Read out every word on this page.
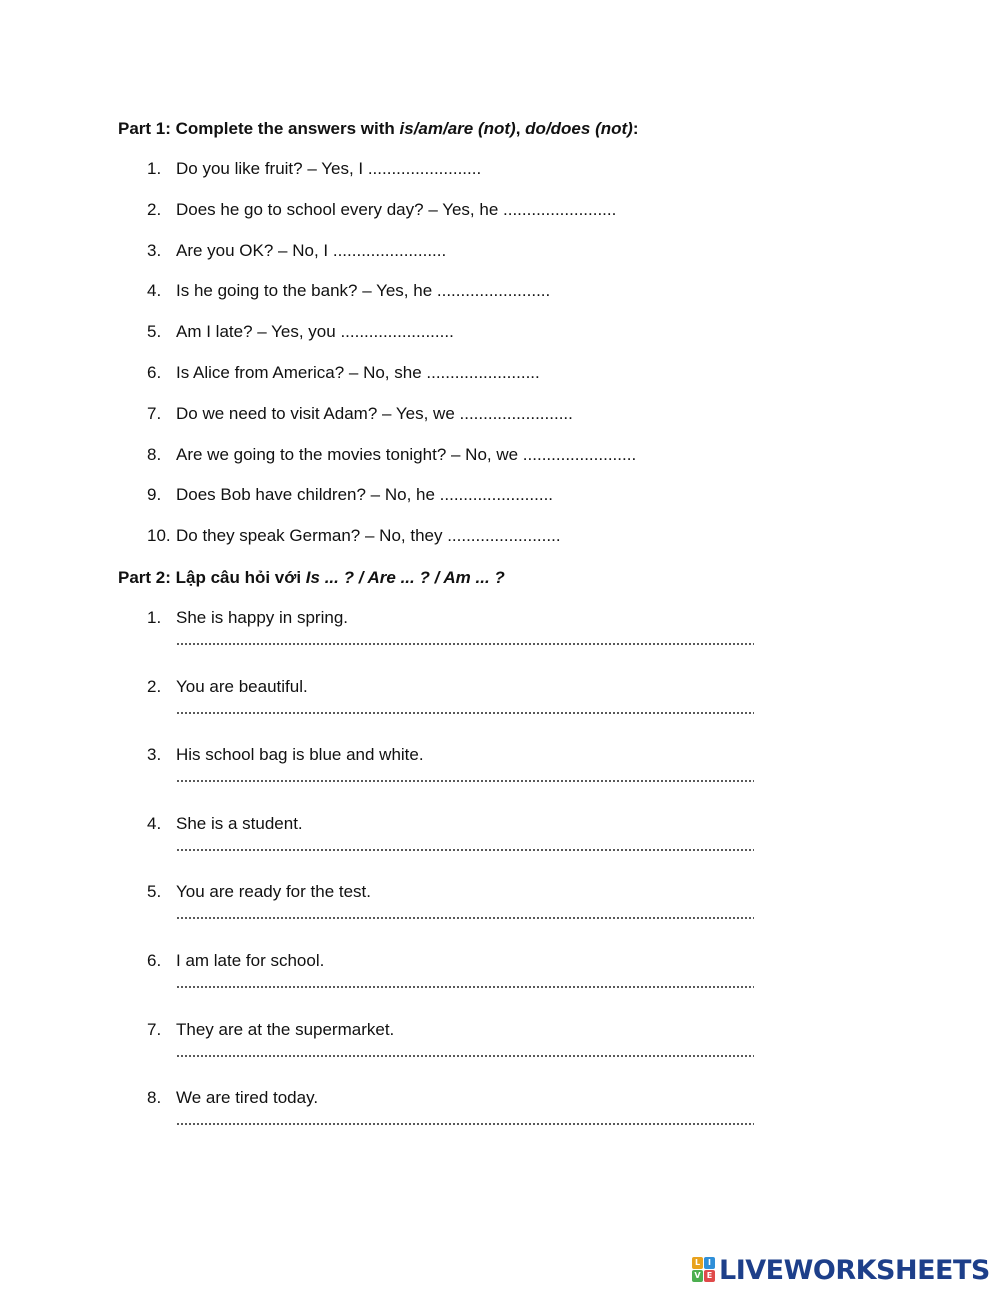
Part 1: Complete the answers with is/am/are (not), do/does (not):
1. Do you like fruit? – Yes, I ........................
2. Does he go to school every day? – Yes, he ........................
3. Are you OK? – No, I ........................
4. Is he going to the bank? – Yes, he ........................
5. Am I late? – Yes, you ........................
6. Is Alice from America? – No, she ........................
7. Do we need to visit Adam? – Yes, we ........................
8. Are we going to the movies tonight? – No, we ........................
9. Does Bob have children? – No, he ........................
10. Do they speak German? – No, they ........................
Part 2: Lập câu hỏi với Is ... ? / Are ... ? / Am ... ?
1. She is happy in spring.
2. You are beautiful.
3. His school bag is blue and white.
4. She is a student.
5. You are ready for the test.
6. I am late for school.
7. They are at the supermarket.
8. We are tired today.
L I
V E LIVEWORKSHEETS
